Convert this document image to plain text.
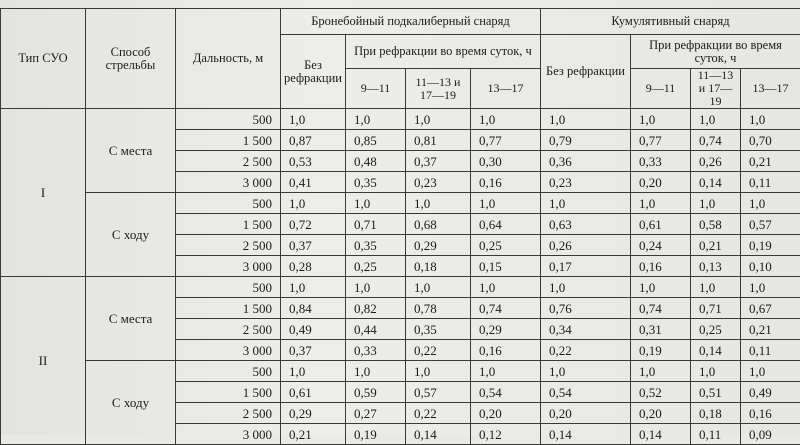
Тип СУО	Способ стрельбы	Дальность, м	Бронебойный подкалиберный снаряд				Кумулятивный снаряд			
			Без рефракции	При рефракции во время суток, ч			Без рефракции	При рефракции во время суток, ч		
				9—11	11—13 и 17—19	13—17		9—11	11—13 и 17—19	13—17
I	С места	500	1,0	1,0	1,0	1,0	1,0	1,0	1,0	1,0
		1 500	0,87	0,85	0,81	0,77	0,79	0,77	0,74	0,70
		2 500	0,53	0,48	0,37	0,30	0,36	0,33	0,26	0,21
		3 000	0,41	0,35	0,23	0,16	0,23	0,20	0,14	0,11
	С ходу	500	1,0	1,0	1,0	1,0	1,0	1,0	1,0	1,0
		1 500	0,72	0,71	0,68	0,64	0,63	0,61	0,58	0,57
		2 500	0,37	0,35	0,29	0,25	0,26	0,24	0,21	0,19
		3 000	0,28	0,25	0,18	0,15	0,17	0,16	0,13	0,10
II	С места	500	1,0	1,0	1,0	1,0	1,0	1,0	1,0	1,0
		1 500	0,84	0,82	0,78	0,74	0,76	0,74	0,71	0,67
		2 500	0,49	0,44	0,35	0,29	0,34	0,31	0,25	0,21
		3 000	0,37	0,33	0,22	0,16	0,22	0,19	0,14	0,11
	С ходу	500	1,0	1,0	1,0	1,0	1,0	1,0	1,0	1,0
		1 500	0,61	0,59	0,57	0,54	0,54	0,52	0,51	0,49
		2 500	0,29	0,27	0,22	0,20	0,20	0,20	0,18	0,16
		3 000	0,21	0,19	0,14	0,12	0,14	0,14	0,11	0,09
